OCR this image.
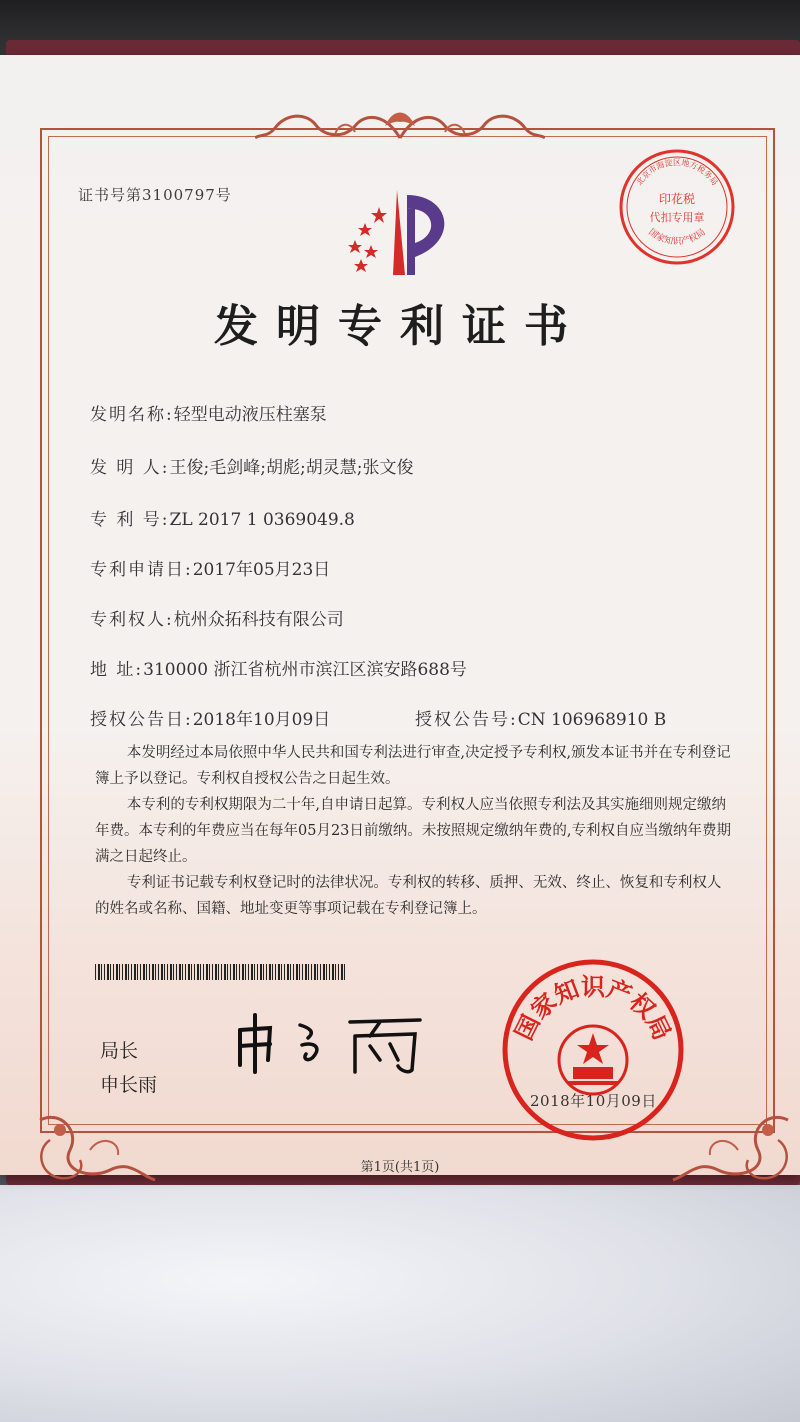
证书号第3100797号	印花税
代扣专用章
北京市海淀区地方税务局
国家知识产权局
发明专利证书
发明名称:轻型电动液压柱塞泵
发 明 人:王俊;毛剑峰;胡彪;胡灵慧;张文俊
专 利 号:ZL 2017 1 0369049.8
专利申请日:2017年05月23日
专利权人:杭州众拓科技有限公司
地 址:310000 浙江省杭州市滨江区滨安路688号
授权公告日:2018年10月09日	授权公告号:CN 106968910 B

本发明经过本局依照中华人民共和国专利法进行审查,决定授予专利权,颁发本证书并在专利登记簿上予以登记。专利权自授权公告之日起生效。

本专利的专利权期限为二十年,自申请日起算。专利权人应当依照专利法及其实施细则规定缴纳年费。本专利的年费应当在每年05月23日前缴纳。未按照规定缴纳年费的,专利权自应当缴纳年费期满之日起终止。

专利证书记载专利权登记时的法律状况。专利权的转移、质押、无效、终止、恢复和专利权人的姓名或名称、国籍、地址变更等事项记载在专利登记簿上。

局长
申长雨
国家知识产权局
2018年10月09日
第1页(共1页)
